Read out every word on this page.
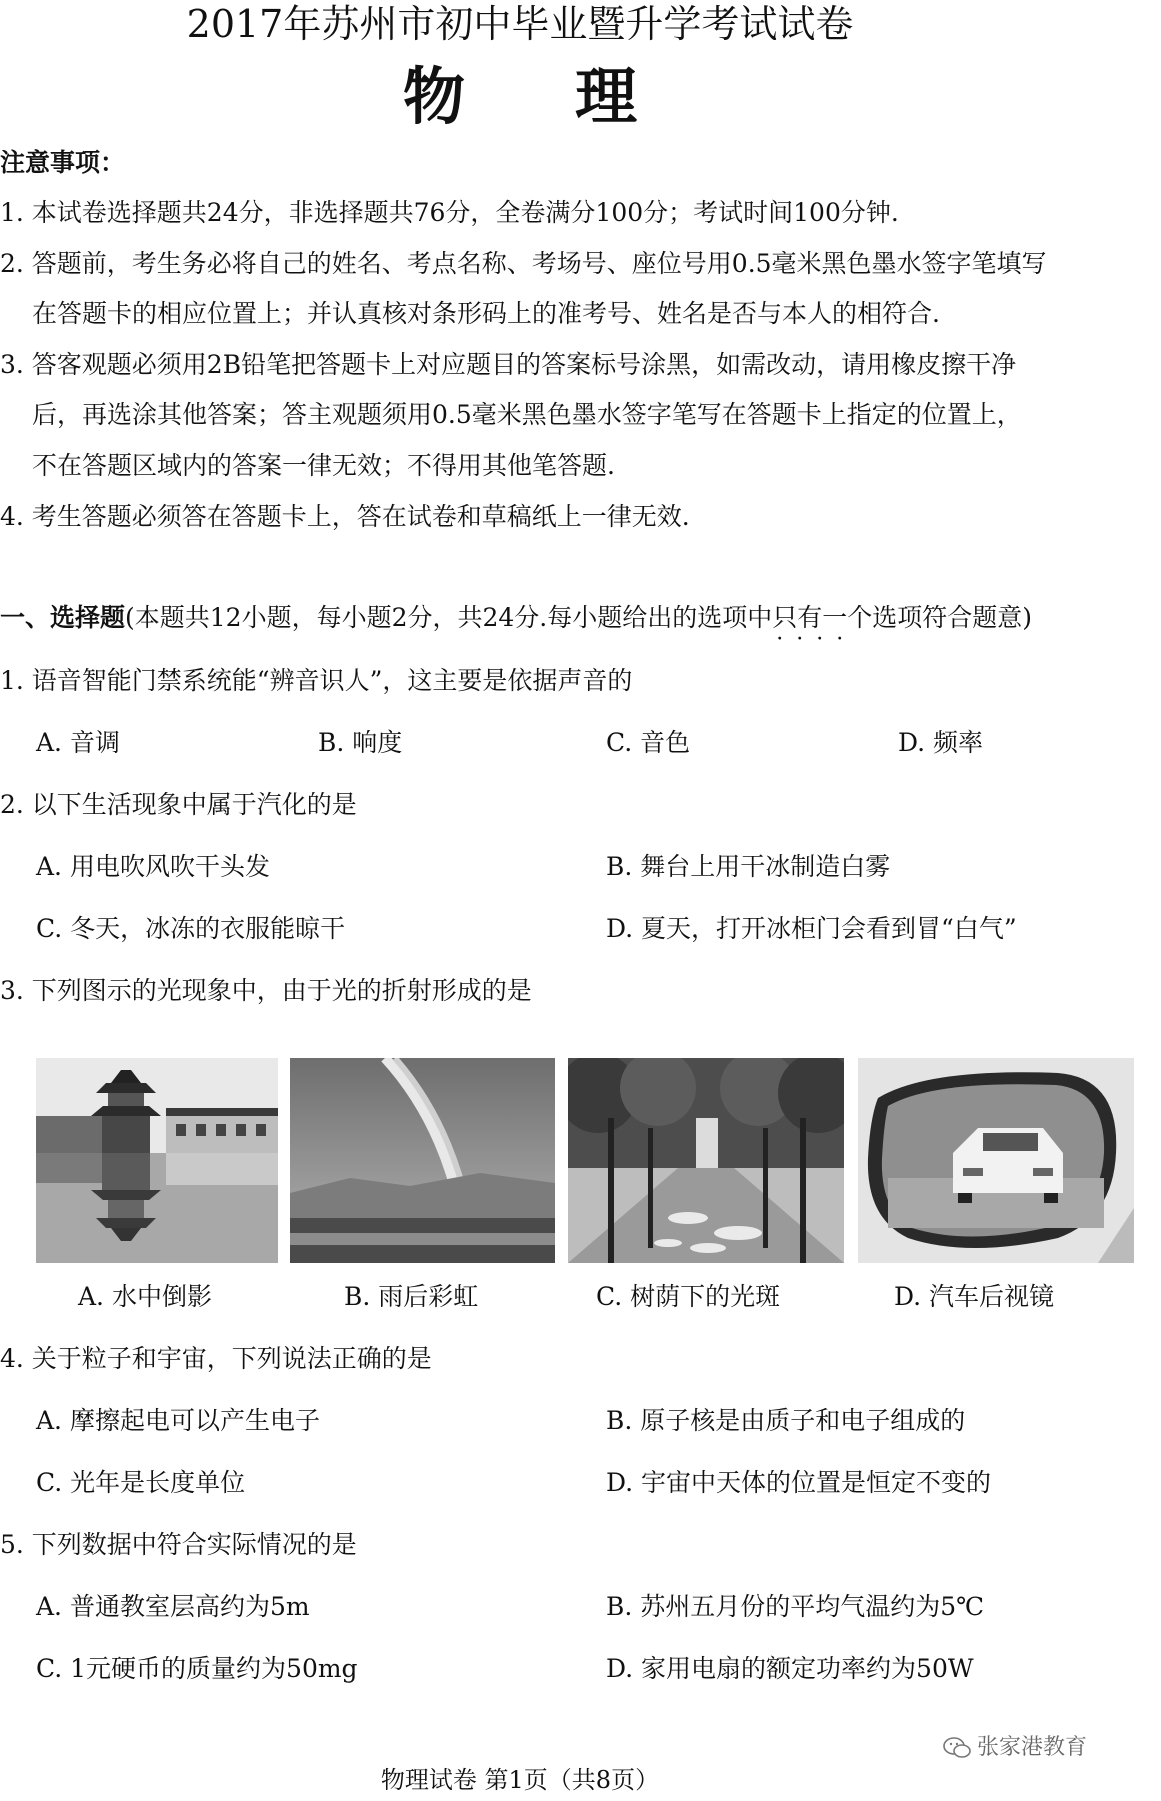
2017年苏州市初中毕业暨升学考试试卷
物理
注意事项：
1. 本试卷选择题共24分，非选择题共76分，全卷满分100分；考试时间100分钟.
2. 答题前，考生务必将自己的姓名、考点名称、考场号、座位号用0.5毫米黑色墨水签字笔填写
在答题卡的相应位置上；并认真核对条形码上的准考号、姓名是否与本人的相符合.
3. 答客观题必须用2B铅笔把答题卡上对应题目的答案标号涂黑，如需改动，请用橡皮擦干净
后，再选涂其他答案；答主观题须用0.5毫米黑色墨水签字笔写在答题卡上指定的位置上，
不在答题区域内的答案一律无效；不得用其他笔答题.
4. 考生答题必须答在答题卡上，答在试卷和草稿纸上一律无效.
一、选择题(本题共12小题，每小题2分，共24分.每小题给出的选项中只有一个 · · · ·选项符合题意)
1. 语音智能门禁系统能“辨音识人”，这主要是依据声音的
A. 音调	B. 响度	C. 音色	D. 频率
2. 以下生活现象中属于汽化的是
A. 用电吹风吹干头发	B. 舞台上用干冰制造白雾
C. 冬天，冰冻的衣服能晾干	D. 夏天，打开冰柜门会看到冒“白气”
3. 下列图示的光现象中，由于光的折射形成的是
A. 水中倒影	B. 雨后彩虹	C. 树荫下的光斑	D. 汽车后视镜
4. 关于粒子和宇宙，下列说法正确的是
A. 摩擦起电可以产生电子	B. 原子核是由质子和电子组成的
C. 光年是长度单位	D. 宇宙中天体的位置是恒定不变的
5. 下列数据中符合实际情况的是
A. 普通教室层高约为5m	B. 苏州五月份的平均气温约为5℃
C. 1元硬币的质量约为50mg	D. 家用电扇的额定功率约为50W
张家港教育
物理试卷 第1页（共8页）
